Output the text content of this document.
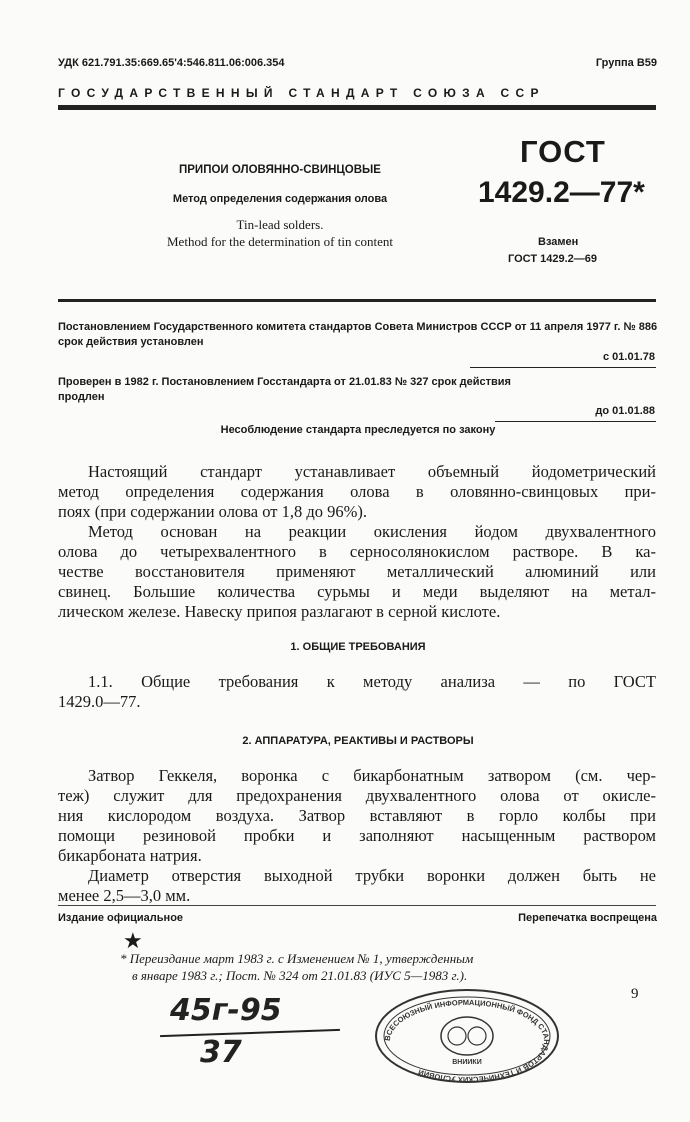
УДК 621.791.35:669.65'4:546.811.06:006.354	Группа В59
ГОСУДАРСТВЕННЫЙ СТАНДАРТ СОЮЗА ССР
ПРИПОИ ОЛОВЯННО-СВИНЦОВЫЕ
Метод определения содержания олова
Tin-lead solders.
Method for the determination of tin content
ГОСТ
1429.2—77*
Взамен
ГОСТ 1429.2—69
Постановлением Государственного комитета стандартов Совета Министров СССР от 11 апреля 1977 г. № 886 срок действия установлен
с 01.01.78
Проверен в 1982 г. Постановлением Госстандарта от 21.01.83 № 327 срок действия продлен
до 01.01.88
Несоблюдение стандарта преследуется по закону
Настоящий стандарт устанавливает объемный йодометрический
метод определения содержания олова в оловянно-свинцовых при-
поях (при содержании олова от 1,8 до 96%).
Метод основан на реакции окисления йодом двухвалентного
олова до четырехвалентного в серносолянокислом растворе. В ка-
честве восстановителя применяют металлический алюминий или
свинец. Большие количества сурьмы и меди выделяют на метал-
лическом железе. Навеску припоя разлагают в серной кислоте.
1. ОБЩИЕ ТРЕБОВАНИЯ
1.1. Общие требования к методу анализа — по ГОСТ
1429.0—77.
2. АППАРАТУРА, РЕАКТИВЫ И РАСТВОРЫ
Затвор Геккеля, воронка с бикарбонатным затвором (см. чер-
теж) служит для предохранения двухвалентного олова от окисле-
ния кислородом воздуха. Затвор вставляют в горло колбы при
помощи резиновой пробки и заполняют насыщенным раствором
бикарбоната натрия.
Диаметр отверстия выходной трубки воронки должен быть не
менее 2,5—3,0 мм.
Издание официальное	Перепечатка воспрещена
★
* Переиздание март 1983 г. с Изменением № 1, утвержденным
в январе 1983 г.; Пост. № 324 от 21.01.83 (ИУС 5—1983 г.).
9
45г-95
37	ВСЕСОЮЗНЫЙ ИНФОРМАЦИОННЫЙ ФОНД СТАНДАРТОВ И ТЕХНИЧЕСКИХ УСЛОВИЙ
ВНИИКИ
